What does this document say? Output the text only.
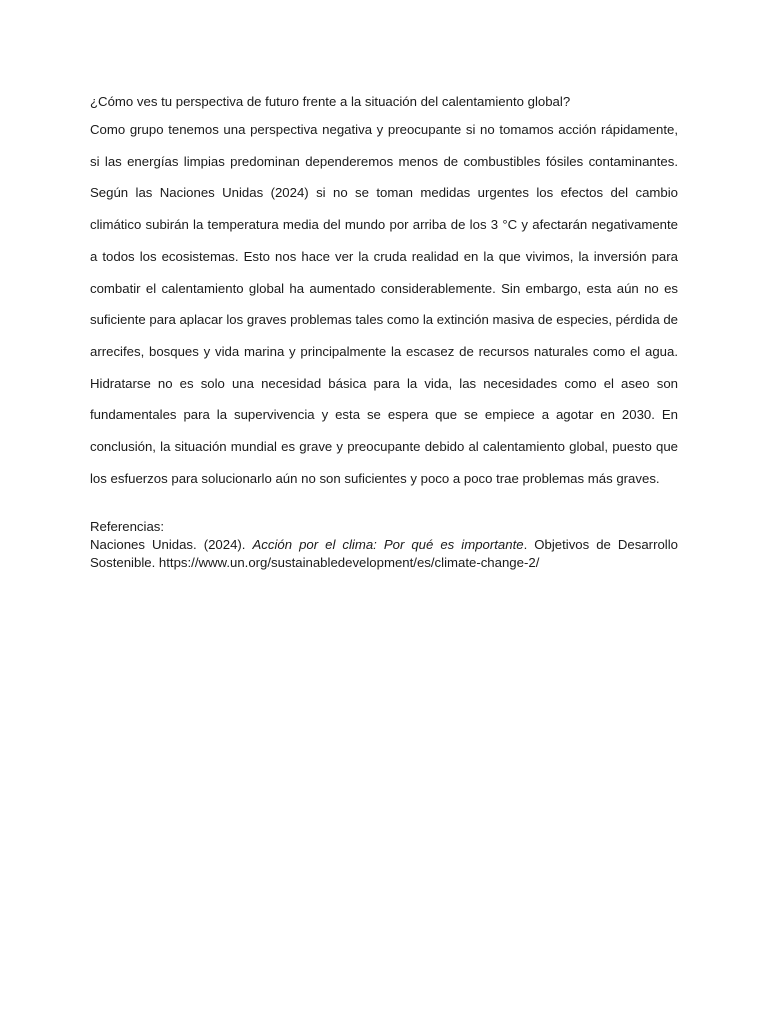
¿Cómo ves tu perspectiva de futuro frente a la situación del calentamiento global?

Como grupo tenemos una perspectiva negativa y preocupante si no tomamos acción rápidamente,
si las energías limpias predominan dependeremos menos de combustibles fósiles contaminantes.
Según las Naciones Unidas (2024) si no se toman medidas urgentes los efectos del cambio
climático subirán la temperatura media del mundo por arriba de los 3 °C y afectarán negativamente
a todos los ecosistemas. Esto nos hace ver la cruda realidad en la que vivimos, la inversión para
combatir el calentamiento global ha aumentado considerablemente. Sin embargo, esta aún no es
suficiente para aplacar los graves problemas tales como la extinción masiva de especies, pérdida de
arrecifes, bosques y vida marina y principalmente la escasez de recursos naturales como el agua.
Hidratarse no es solo una necesidad básica para la vida, las necesidades como el aseo son
fundamentales para la supervivencia y esta se espera que se empiece a agotar en 2030. En
conclusión, la situación mundial es grave y preocupante debido al calentamiento global, puesto que
los esfuerzos para solucionarlo aún no son suficientes y poco a poco trae problemas más graves.

Referencias:

Naciones Unidas. (2024). Acción por el clima: Por qué es importante. Objetivos de Desarrollo
Sostenible. https://www.un.org/sustainabledevelopment/es/climate-change-2/
